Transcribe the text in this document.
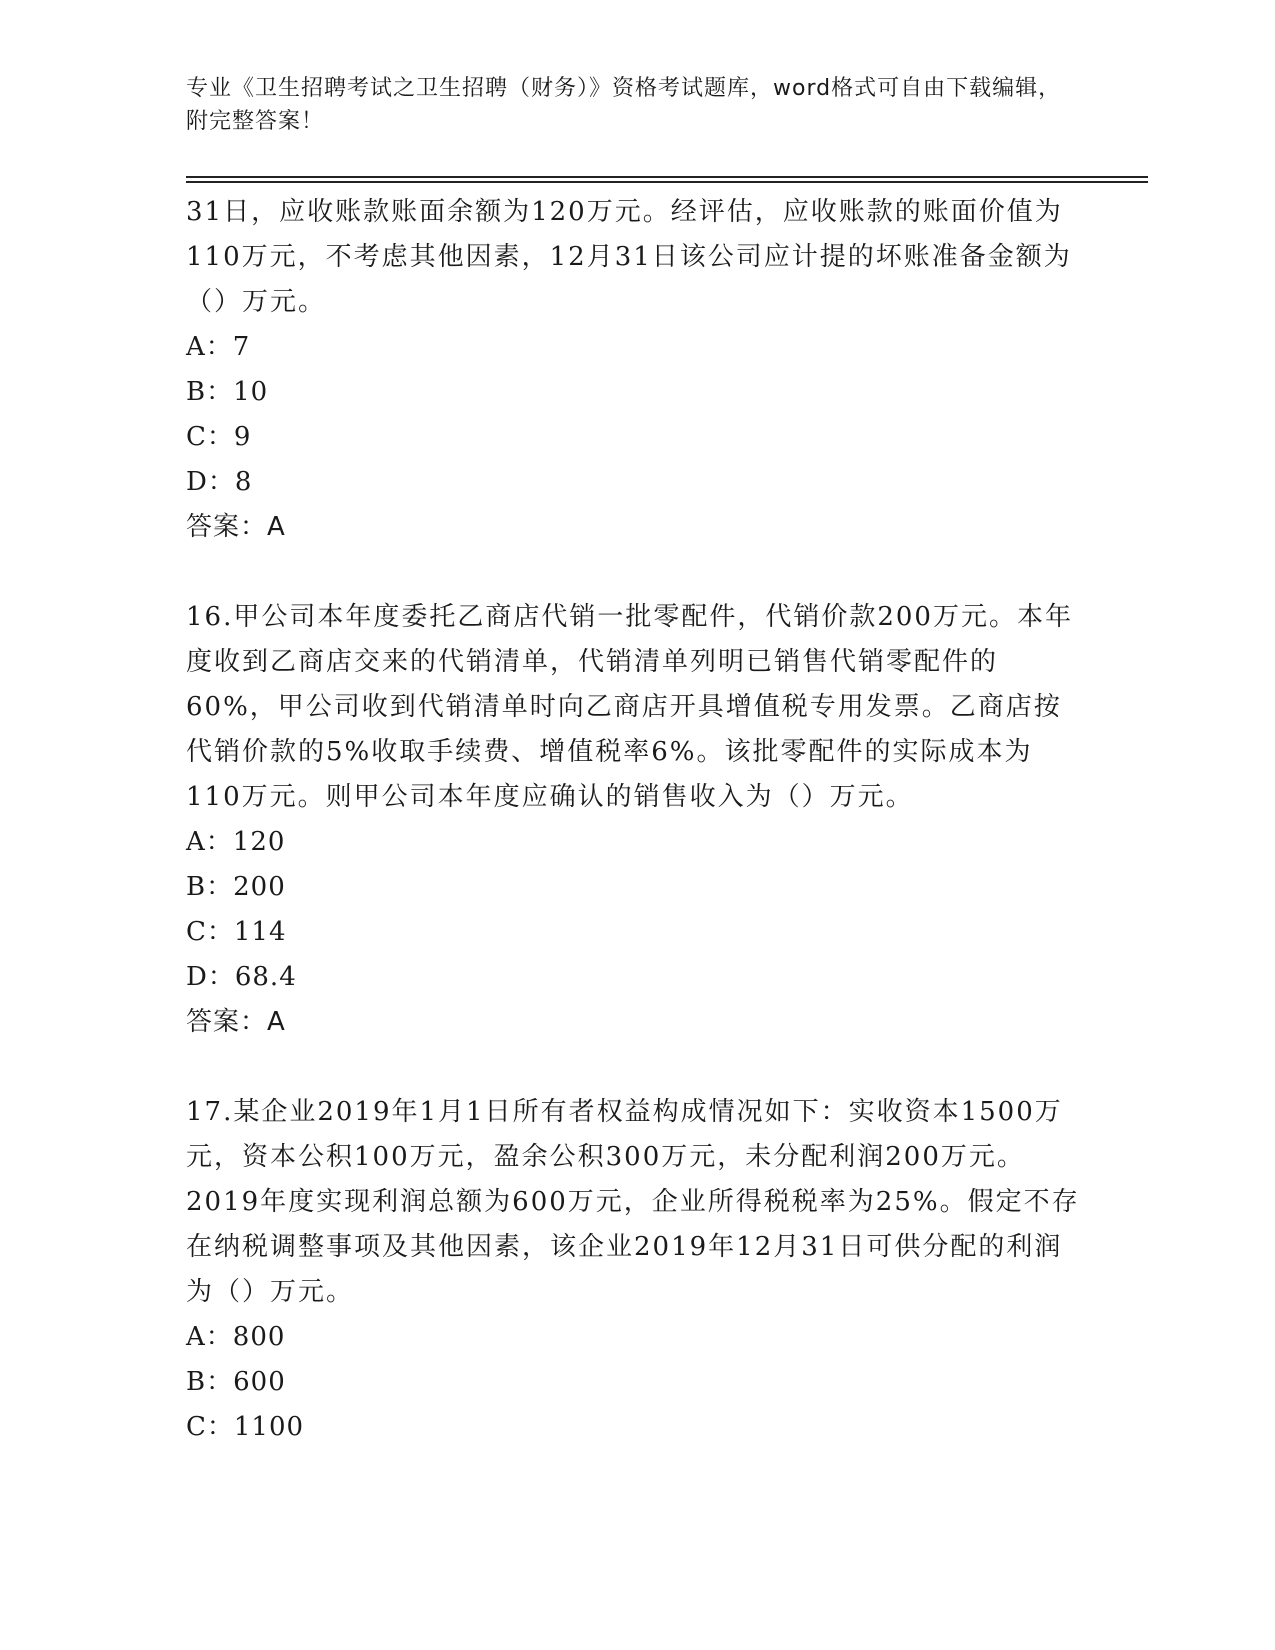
专业《卫生招聘考试之卫生招聘（财务）》资格考试题库，word格式可自由下载编辑，附完整答案！

31日，应收账款账面余额为120万元。经评估，应收账款的账面价值为110万元，不考虑其他因素，12月31日该公司应计提的坏账准备金额为（）万元。

A：7

B：10

C：9

D：8

答案：A

16.甲公司本年度委托乙商店代销一批零配件，代销价款200万元。本年度收到乙商店交来的代销清单，代销清单列明已销售代销零配件的60%，甲公司收到代销清单时向乙商店开具增值税专用发票。乙商店按代销价款的5%收取手续费、增值税率6%。该批零配件的实际成本为110万元。则甲公司本年度应确认的销售收入为（）万元。

A：120

B：200

C：114

D：68.4

答案：A

17.某企业2019年1月1日所有者权益构成情况如下：实收资本1500万元，资本公积100万元，盈余公积300万元，未分配利润200万元。2019年度实现利润总额为600万元，企业所得税税率为25%。假定不存在纳税调整事项及其他因素，该企业2019年12月31日可供分配的利润为（）万元。

A：800

B：600

C：1100
